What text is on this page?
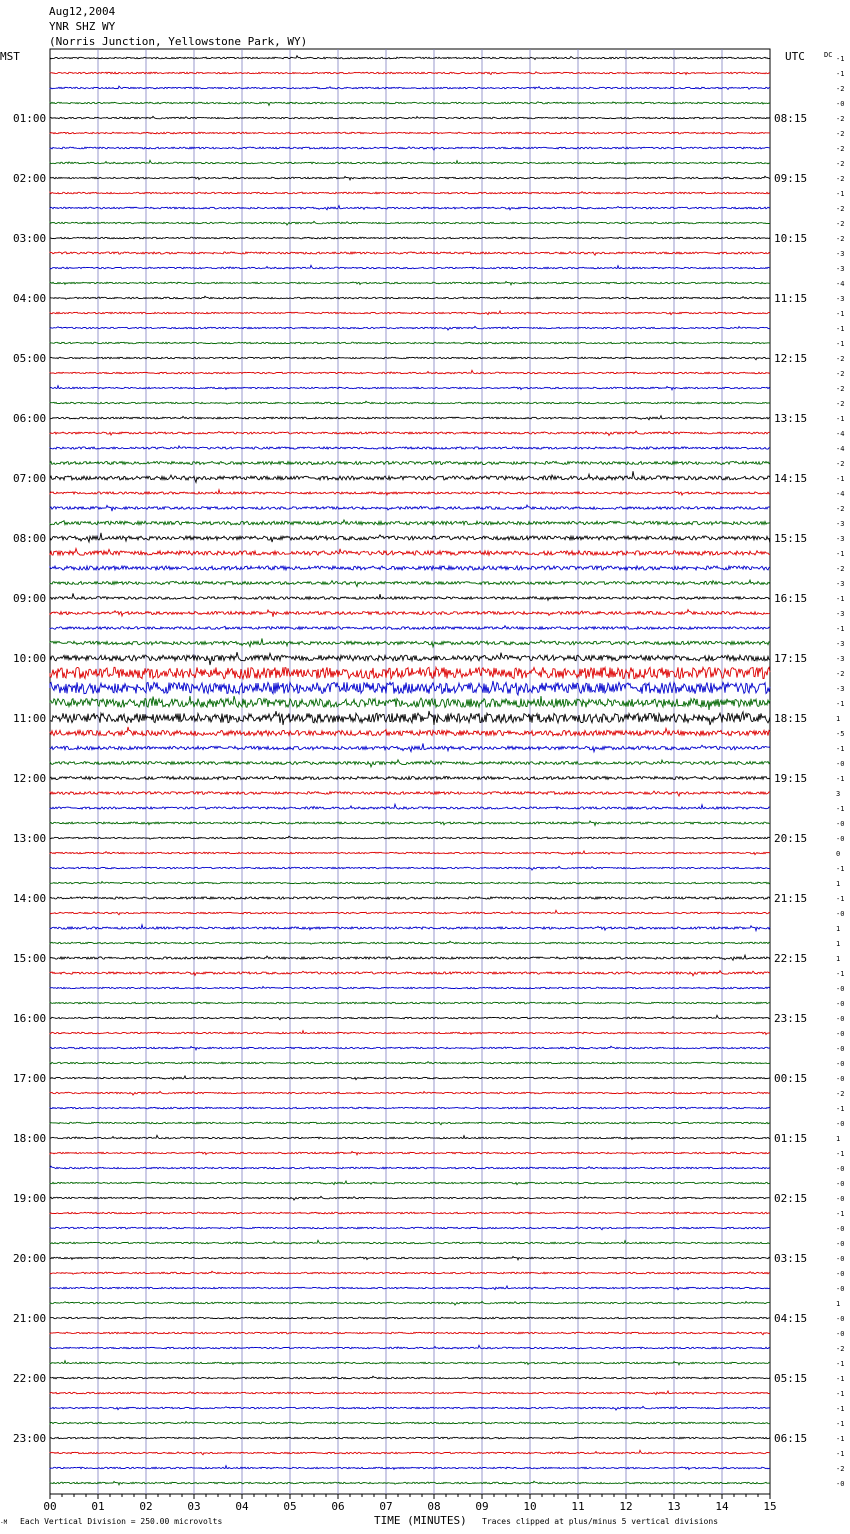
Aug12,2004
YNR SHZ WY
(Norris Junction, Yellowstone Park, WY)
MST	UTC	DC
01:00
02:00
03:00
04:00
05:00
06:00
07:00
08:00
09:00
10:00
11:00
12:00
13:00
14:00
15:00
16:00
17:00
18:00
19:00
20:00
21:00
22:00
23:00
08:15
09:15
10:15
11:15
12:15
13:15
14:15
15:15
16:15
17:15
18:15
19:15
20:15
21:15
22:15
23:15
00:15
01:15
02:15
03:15
04:15
05:15
06:15
-1
-1
-2
-0
-2
-2
-2
-2
-2
-1
-2
-2
-2
-3
-3
-4
-3
-1
-1
-1
-2
-2
-2
-2
-1
-4
-4
-2
-1
-4
-2
-3
-3
-1
-2
-3
-1
-3
-1
-3
-3
-2
-3
-1
1
-5
-1
-0
-1
3
-1
-0
-0
0
-1
1
-1
-0
1
1
1
-1
-0
-0
-0
-0
-0
-0
-0
-2
-1
-0
1
-1
-0
-0
-0
-1
-0
-0
-0
-0
-0
1
-0
-0
-2
-1
-1
-1
-1
-1
-1
-1
-2
-0
00	01	02	03	04	05	06	07	08	09	10	11	12	13	14	15
-M Each Vertical Division = 250.00 microvolts	TIME (MINUTES) Traces clipped at plus/minus 5 vertical divisions
